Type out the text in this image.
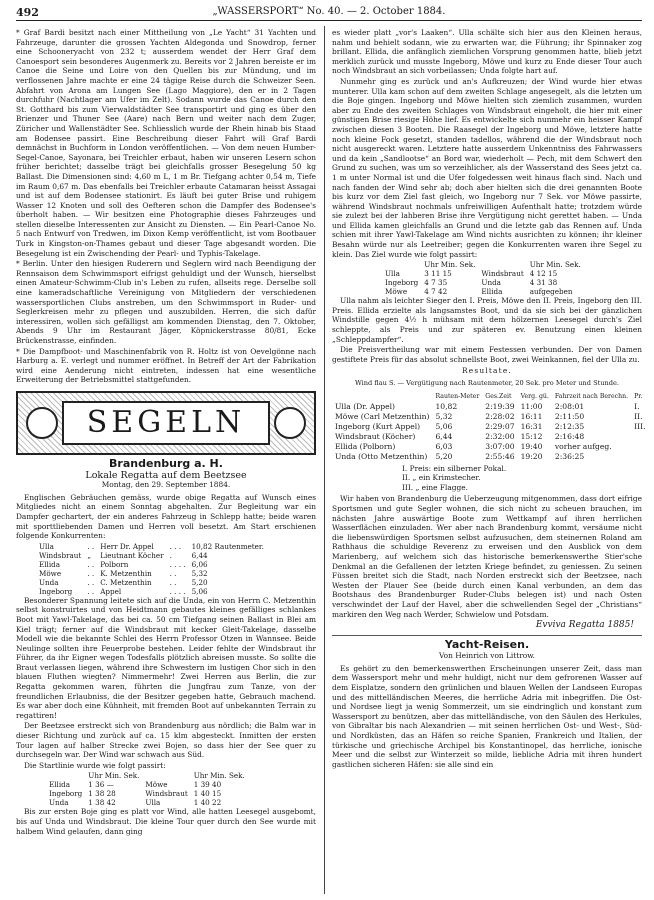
492	„WASSERSPORT“ No. 40. — 2. October 1884.

* Graf Bardi besitzt nach einer Mittheilung von „Le Yacht“ 31 Yachten und Fahrzeuge, darunter die grossen Yachten Aldegonda und Snowdrop, ferner eine Schooneryacht von 232 t; ausserdem wendet der Herr Graf dem Canoesport sein besonderes Augenmerk zu. Bereits vor 2 Jahren bereiste er im Canoe die Seine und Loire von den Quellen bis zur Mündung, und im verflossenen Jahre machte er eine 24 tägige Reise durch die Schweizer Seen. Abfahrt von Arona am Lungen See (Lago Maggiore), den er in 2 Tagen durchfuhr (Nachtlager am Ufer im Zelt). Sodann wurde das Canoe durch den St. Gotthard bis zum Vierwaldstädter See transportirt und ging es über den Brienzer und Thuner See (Aare) nach Bern und weiter nach dem Zuger, Züricher und Wallenstädter See. Schliesslich wurde der Rhein hinab bis Staad am Bodensee passirt. Eine Beschreibung dieser Fahrt will Graf Bardi demnächst in Buchform in London veröffentlichen. — Von dem neuen Humber-Segel-Canoe, Sayonara, bei Treichler erbaut, haben wir unseren Lesern schon früher berichtet; dasselbe trägt bei gleichfalls grosser Besegelung 50 kg Ballast. Die Dimensionen sind: 4,60 m L, 1 m Br. Tiefgang achter 0,54 m, Tiefe im Raum 0,67 m. Das ebenfalls bei Treichler erbaute Catamaran heisst Assagai und ist auf dem Bodensee stationirt. Es läuft bei guter Brise und ruhigem Wasser 12 Knoten und soll des Oefteren schon die Dampfer des Bodensee's überholt haben. — Wir besitzen eine Photographie dieses Fahrzeuges und stellen dieselbe Interessenten zur Ansicht zu Diensten. — Ein Pearl-Canoe No. 5 nach Entwurf von Tredwen, im Dixon Kemp veröffentlicht, ist vom Bootbauer Turk in Kingston-on-Thames gebaut und dieser Tage abgesandt worden. Die Besegelung ist ein Zwischending der Pearl- und Typhis-Takelage.

* Berlin. Unter den hiesigen Ruderern und Seglern wird nach Beendigung der Rennsaison dem Schwimmsport eifrigst gehuldigt und der Wunsch, hierselbst einen Amateur-Schwimm-Club in's Leben zu rufen, allseits rege. Derselbe soll eine kameradschaftliche Vereinigung von Mitgliedern der verschiedenen wassersportlichen Clubs anstreben, um den Schwimmsport in Ruder- und Seglerkreisen mehr zu pflegen und auszubilden. Herren, die sich dafür interessiren, wollen sich gefälligst am kommenden Dienstag, den 7. Oktober, Abends 9 Uhr im Restaurant Jäger, Köpnickerstrasse 80/81, Ecke Brückenstrasse, einfinden.

* Die Dampfboot- und Maschinenfabrik von R. Holtz ist von Oevelgönne nach Harburg a. E. verlegt und nummer eröffnet. In Betreff der Art der Fabrikation wird eine Aenderung nicht eintreten, indessen hat eine wesentliche Erweiterung der Betriebsmittel stattgefunden.

SEGELN
Brandenburg a. H.
Lokale Regatta auf dem Beetzsee
Montag, den 29. September 1884.

Englischen Gebräuchen gemäss, wurde obige Regatta auf Wunsch eines Mitgliedes nicht an einem Sonntag abgehalten. Zur Begleitung war ein Dampfer gechartert, der ein anderes Fahrzeug in Schlepp hatte; beide waren mit sporttliebenden Damen und Herren voll besetzt. Am Start erschienen folgende Konkurrenten:

Ulla	. .	Herr Dr. Appel	. . .	10,82 Rautenmeter.
Windsbraut	„	Lieutnant Köcher	.	6,44
Ellida	. .	Polborn	. . . .	6,06
Möwe	. .	K. Metzenthin	. .	5,32
Unda	. .	C. Metzenthin	. .	5,20
Ingeborg	. .	Appel	. . . .	5,06

Besonderer Spannung leitete sich auf die Unda, ein von Herrn C. Metzenthin selbst konstruirtes und von Heidtmann gebautes kleines gefälliges schlankes Boot mit Yawl-Takelage, das bei ca. 50 cm Tiefgang seinen Ballast in Blei am Kiel trägt; ferner auf die Windsbraut mit kecker Gleit-Takelage, dasselbe Modell wie die bekannte Schlei des Herrn Professor Otzen in Wannsee. Beide Neulinge sollten ihre Feuerprobe bestehen. Leider fehlte der Windsbraut ihr Führer, da ihr Eigner wegen Todesfalls plötzlich abreisen musste. So sollte die Braut verlassen liegen, während ihre Schwestern im lustigen Chor sich in den blauen Fluthen wiegten? Nimmermehr! Zwei Herren aus Berlin, die zur Regatta gekommen waren, führten die Jungfrau zum Tanze, von der freundlichen Erlaubniss, die der Besitzer gegeben hatte, Gebrauch machend. Es war aber doch eine Kühnheit, mit fremden Boot auf unbekannten Terrain zu regattiren!

Der Beetzsee erstreckt sich von Brandenburg aus nördlich; die Balm war in dieser Richtung und zurück auf ca. 15 klm abgesteckt. Inmitten der ersten Tour lagen auf halber Strecke zwei Bojen, so dass hier der See quer zu durchsegeln war. Der Wind war schwach aus Süd.

Die Startlinie wurde wie folgt passirt:

	Uhr Min. Sek.		Uhr Min. Sek.
Ellida	1 36 —	Möwe	1 39 40
Ingeborg	1 38 28	Windsbraut	1 40 15
Unda	1 38 42	Ulla	1 40 22

Bis zur ersten Boje ging es platt vor Wind, alle hatten Leesegel ausgebomt, bis auf Unda und Windsbraut. Die kleine Tour quer durch den See wurde mit halbem Wind gelaufen, dann ging

es wieder platt „vor's Laaken“. Ulla schälte sich hier aus den Kleinen heraus, nahm und behielt sodann, wie zu erwarten war, die Führung; ihr Spinnaker zog brillant. Ellida, die anfänglich ziemlichen Vorsprung genommen hatte, blieb jetzt merklich zurück und musste Ingeborg, Möwe und kurz zu Ende dieser Tour auch noch Windsbraut an sich vorbeilassen; Unda folgte hart auf.

Nunmehr ging es zurück und an's Aufkreuzen; der Wind wurde hier etwas munterer. Ulla kam schon auf dem zweiten Schlage angesegelt, als die letzten um die Boje gingen. Ingeborg und Möwe hielten sich ziemlich zusammen, wurden aber zu Ende des zweiten Schlages von Windsbraut eingeholt, die hier mit einer günstigen Brise riesige Höhe lief. Es entwickelte sich nunmehr ein heisser Kampf zwischen diesen 3 Booten. Die Raasegel der Ingeborg und Möwe, letztere hatte noch kleine Fock gesetzt, standen tadellos, während die der Windsbraut noch nicht ausgereckt waren. Letztere hatte ausserdem Unkenntniss des Fahrwassers und da kein „Sandlootse“ an Bord war, wiederholt — Pech, mit dem Schwert den Grund zu suchen, was um so verzeihlicher, als der Wasserstand des Sees jetzt ca. 1 m unter Normal ist und die Ufer folgedessen weit hinaus flach sind. Nach und nach fanden der Wind sehr ab; doch aber hielten sich die drei genannten Boote bis kurz vor dem Ziel fast gleich, wo Ingeborg nur 7 Sek. vor Möwe passirte, während Windsbraut nochmals unfreiwilligen Aufenthalt hatte; trotzdem würde sie zulezt bei der lahberen Brise ihre Vergütigung nicht gerettet haben. — Unda und Ellida kamen gleichfalls an Grund und die letzte gab das Rennen auf. Unda schien mit ihrer Yawl-Takelage am Wind nichts ausrichten zu können; ihr kleiner Besahn würde nur als Leetreiber; gegen die Konkurrenten waren ihre Segel zu klein. Das Ziel wurde wie folgt passirt:

	Uhr Min. Sek.		Uhr Min. Sek.
Ulla	3 11 15	Windsbraut	4 12 15
Ingeborg	4 7 35	Unda	4 31 38
Möwe	4 7 42	Ellida	aufgegeben

Ulla nahm als leichter Sieger den I. Preis, Möwe den II. Preis, Ingeborg den III. Preis. Ellida erzielte als langsamstes Boot, und da sie sich bei der gänzlichen Windstille gegen 4½ h mühsam mit dem hölzernen Leesegel durch's Ziel schleppte, als Preis und zur späteren ev. Benutzung einen kleinen „Schleppdampfer“.

Die Preisvertheilung war mit einem Festessen verbunden. Der von Damen gestiftete Preis für das absolut schnellste Boot, zwei Weinkannen, fiel der Ulla zu.

Resultate.
Wind flau S. — Vergütigung nach Rautenmeter, 20 Sek. pro Meter und Stunde.
	Rauten-Meter	Ges.Zeit	Verg. gü.	Fahrzeit nach Berechn.	Pr.
Ulla (Dr. Appel)	10,82	2:19:39	11:00	2:08:01	I.
Möwe (Carl Metzenthin)	5,32	2:28:02	16:11	2:11:50	II.
Ingeborg (Kurt Appel)	5,06	2:29:07	16:31	2:12:35	III.
Windsbraut (Köcher)	6,44	2:32:00	15:12	2:16:48	
Ellida (Polborn)	6,03	3:07:00	19:40	vorher aufgeg.	
Unda (Otto Metzenthin)	5,20	2:55:46	19:20	2:36:25	
I. Preis: ein silberner Pokal.
II. „ ein Krimstecher.
III. „ eine Flagge.

Wir haben von Brandenburg die Ueberzeugung mitgenommen, dass dort eifrige Sportsmen und gute Segler wohnen, die sich nicht zu scheuen brauchen, im nächsten Jahre auswärtige Boote zum Wettkampf auf ihren herrlichen Wasserflächen einzuladen. Wer aber nach Brandenburg kommt, versäume nicht die liebenswürdigen Sportsmen selbst aufzusuchen, dem steinernen Roland am Rathhaus die schuldige Reverenz zu erweisen und den Ausblick von dem Marienberg, auf welchem sich das historische bemerkenswerthe Stier'sche Denkmal an die Gefallenen der letzten Kriege befindet, zu geniessen. Zu seinen Füssen breitet sich die Stadt, nach Norden erstreckt sich der Beetzsee, nach Westen der Plauer See (beide durch einen Kanal verbunden, an dem das Bootshaus des Brandenburger Ruder-Clubs belegen ist) und nach Osten verschwindet der Lauf der Havel, aber die schwellenden Segel der „Christians“ markiren den Weg nach Werder, Schwielow und Potsdam.

Evviva Regatta 1885!
Yacht-Reisen.
Von Heinrich von Littrow.

Es gehört zu den bemerkenswerthen Erscheinungen unserer Zeit, dass man dem Wassersport mehr und mehr huldigt, nicht nur dem gefrorenen Wasser auf dem Eisplatze, sondern den grünlichen und blauen Wellen der Landseen Europas und des mittelländischen Meeres, die herrliche Adria mit inbegriffen. Die Ost- und Nordsee liegt ja wenig Sommerzeit, um sie eindringlich und konstant zum Wassersport zu benützen, aber das mittelländische, von den Säulen des Herkules, von Gibraltar bis nach Alexandrien — mit seinen herrlichen Ost- und West-, Süd- und Nordküsten, das an Häfen so reiche Spanien, Frankreich und Italien, der türkische und griechische Archipel bis Konstantinopel, das herrliche, ionische Meer und die selbst zur Winterzeit so milde, liebliche Adria mit ihren hundert gastlichen sicheren Häfen: sie alle sind ein
